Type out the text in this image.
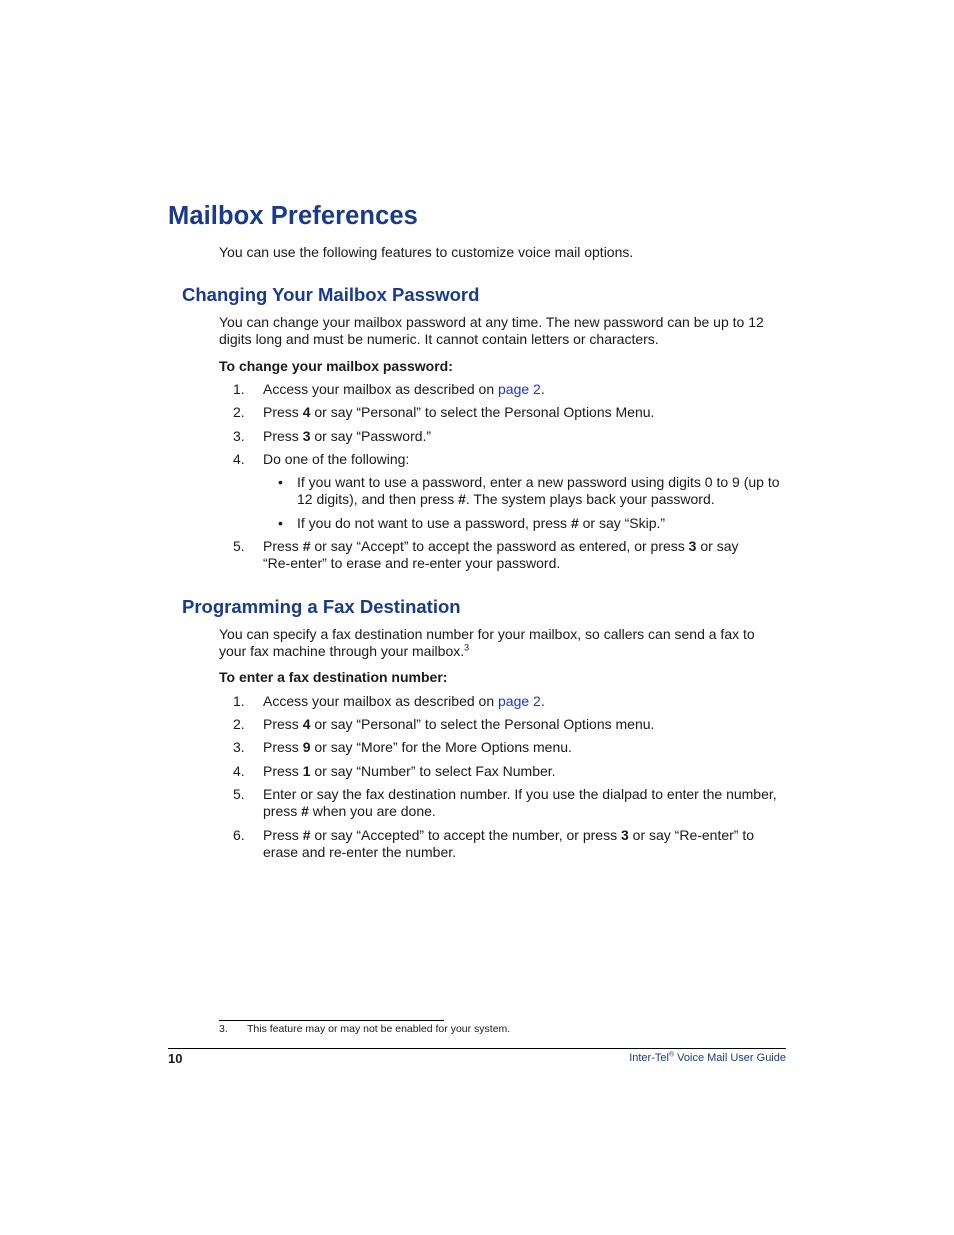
Mailbox Preferences

You can use the following features to customize voice mail options.

Changing Your Mailbox Password

You can change your mailbox password at any time. The new password can be up to 12 digits long and must be numeric. It cannot contain letters or characters.

To change your mailbox password:

1. Access your mailbox as described on page 2.
2. Press 4 or say “Personal” to select the Personal Options Menu.
3. Press 3 or say “Password.”
4. Do one of the following:
• If you want to use a password, enter a new password using digits 0 to 9 (up to 12 digits), and then press #. The system plays back your password.
• If you do not want to use a password, press # or say “Skip.”
5. Press # or say “Accept” to accept the password as entered, or press 3 or say “Re-enter” to erase and re-enter your password.
Programming a Fax Destination

You can specify a fax destination number for your mailbox, so callers can send a fax to your fax machine through your mailbox.$^3$

To enter a fax destination number:

1. Access your mailbox as described on page 2.
2. Press 4 or say “Personal” to select the Personal Options menu.
3. Press 9 or say “More” for the More Options menu.
4. Press 1 or say “Number” to select Fax Number.
5. Enter or say the fax destination number. If you use the dialpad to enter the number, press # when you are done.
6. Press # or say “Accepted” to accept the number, or press 3 or say “Re-enter” to erase and re-enter the number.
3. This feature may or may not be enabled for your system.
10	Inter-Tel® Voice Mail User Guide
